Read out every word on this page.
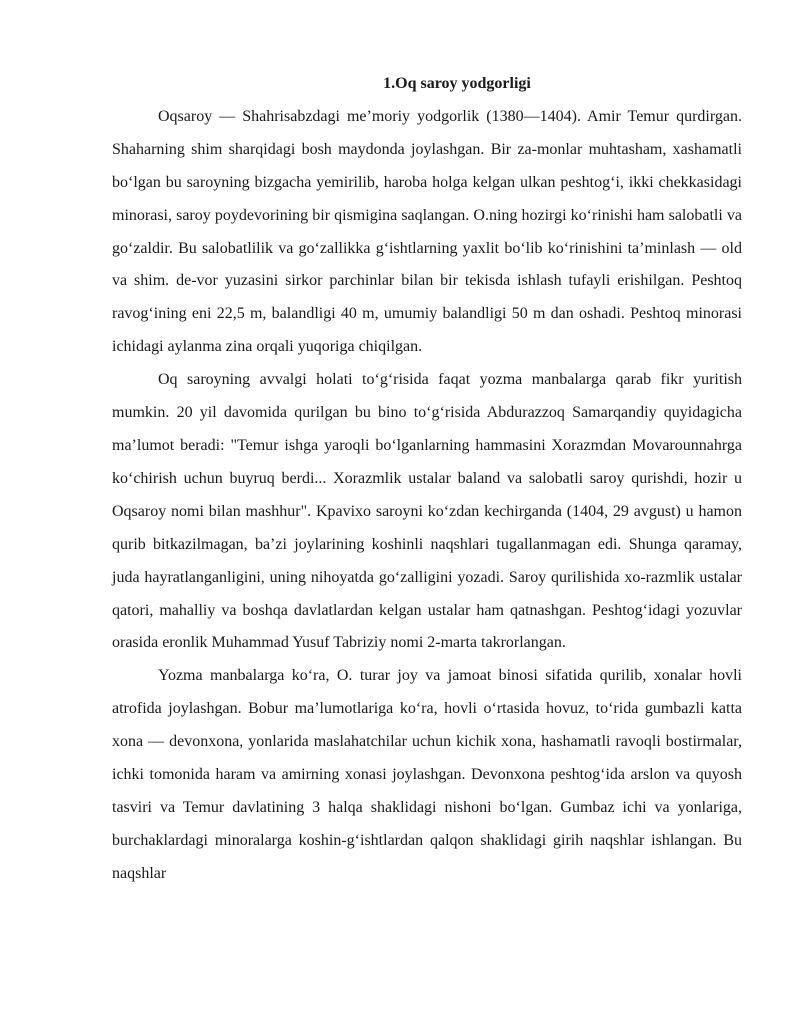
1.Oq saroy yodgorligi

Oqsaroy — Shahrisabzdagi me’moriy yodgorlik (1380—1404). Amir Temur qurdirgan. Shaharning shim sharqidagi bosh maydonda joylashgan. Bir za-monlar muhtasham, xashamatli bo‘lgan bu saroyning bizgacha yemirilib, haroba holga kelgan ulkan peshtog‘i, ikki chekkasidagi minorasi, saroy poydevorining bir qismigina saqlangan. O.ning hozirgi ko‘rinishi ham salobatli va go‘zaldir. Bu salobatlilik va go‘zallikka g‘ishtlarning yaxlit bo‘lib ko‘rinishini ta’minlash — old va shim. de-vor yuzasini sirkor parchinlar bilan bir tekisda ishlash tufayli erishilgan. Peshtoq ravog‘ining eni 22,5 m, balandligi 40 m, umumiy balandligi 50 m dan oshadi. Peshtoq minorasi ichidagi aylanma zina orqali yuqoriga chiqilgan.

Oq saroyning avvalgi holati to‘g‘risida faqat yozma manbalarga qarab fikr yuritish mumkin. 20 yil davomida qurilgan bu bino to‘g‘risida Abdurazzoq Samarqandiy quyidagicha ma’lumot beradi: "Temur ishga yaroqli bo‘lganlarning hammasini Xorazmdan Movarounnahrga ko‘chirish uchun buyruq berdi... Xorazmlik ustalar baland va salobatli saroy qurishdi, hozir u Oqsaroy nomi bilan mashhur". Kpavixo saroyni ko‘zdan kechirganda (1404, 29 avgust) u hamon qurib bitkazilmagan, ba’zi joylarining koshinli naqshlari tugallanmagan edi. Shunga qaramay, juda hayratlanganligini, uning nihoyatda go‘zalligini yozadi. Saroy qurilishida xo-razmlik ustalar qatori, mahalliy va boshqa davlatlardan kelgan ustalar ham qatnashgan. Peshtog‘idagi yozuvlar orasida eronlik Muhammad Yusuf Tabriziy nomi 2-marta takrorlangan.

Yozma manbalarga ko‘ra, O. turar joy va jamoat binosi sifatida qurilib, xonalar hovli atrofida joylashgan. Bobur ma’lumotlariga ko‘ra, hovli o‘rtasida hovuz, to‘rida gumbazli katta xona — devonxona, yonlarida maslahatchilar uchun kichik xona, hashamatli ravoqli bostirmalar, ichki tomonida haram va amirning xonasi joylashgan. Devonxona peshtog‘ida arslon va quyosh tasviri va Temur davlatining 3 halqa shaklidagi nishoni bo‘lgan. Gumbaz ichi va yonlariga, burchaklardagi minoralarga koshin-g‘ishtlardan qalqon shaklidagi girih naqshlar ishlangan. Bu naqshlar
